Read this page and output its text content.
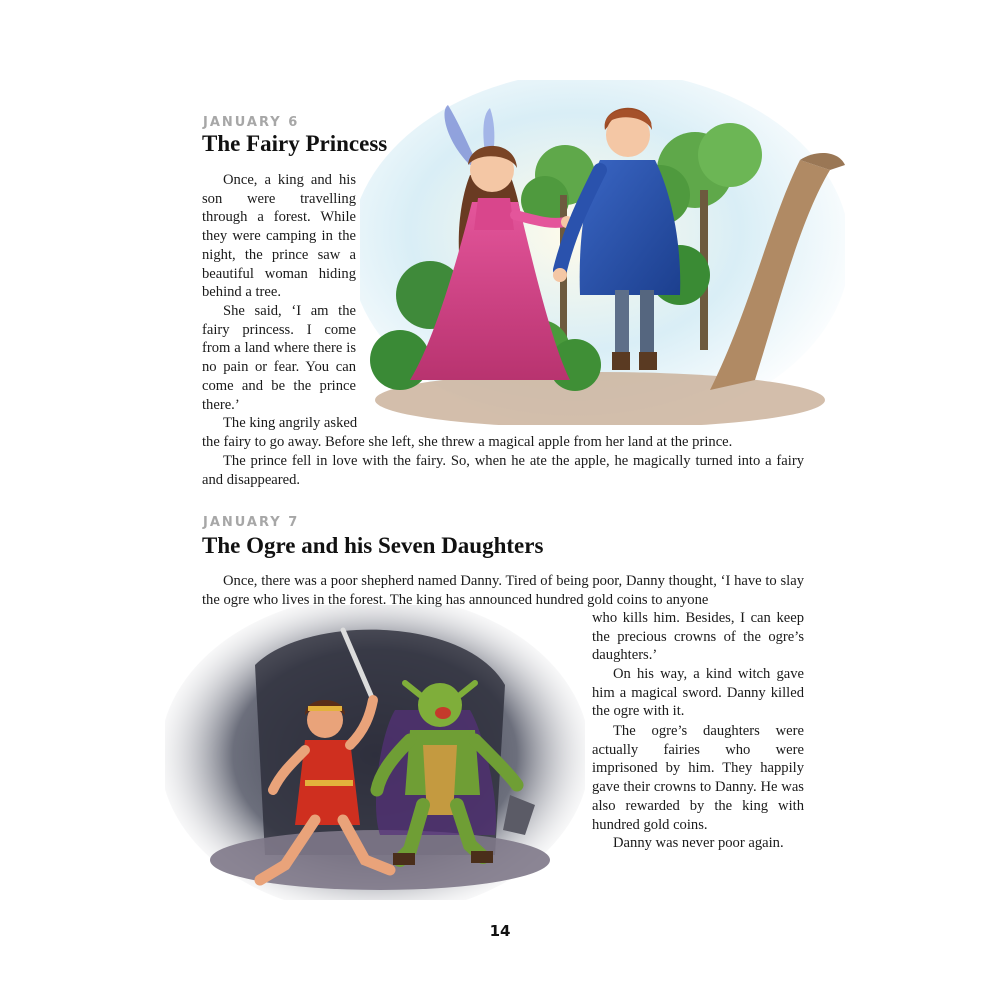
JANUARY 6
The Fairy Princess

Once, a king and his son were travelling through a forest. While they were camping in the night, the prince saw a beautiful woman hiding behind a tree.

She said, ‘I am the fairy princess. I come from a land where there is no pain or fear. You can come and be the prince there.’

The king angrily asked

the fairy to go away. Before she left, she threw a magical apple from her land at the prince.

The prince fell in love with the fairy. So, when he ate the apple, he magically turned into a fairy and disappeared.

JANUARY 7
The Ogre and his Seven Daughters

Once, there was a poor shepherd named Danny. Tired of being poor, Danny thought, ‘I have to slay the ogre who lives in the forest. The king has announced hundred gold coins to anyone

who kills him. Besides, I can keep the precious crowns of the ogre’s daughters.’

On his way, a kind witch gave him a magical sword. Danny killed the ogre with it.

The ogre’s daughters were actually fairies who were imprisoned by him. They happily gave their crowns to Danny. He was also rewarded by the king with hundred gold coins.

Danny was never poor again.

14
